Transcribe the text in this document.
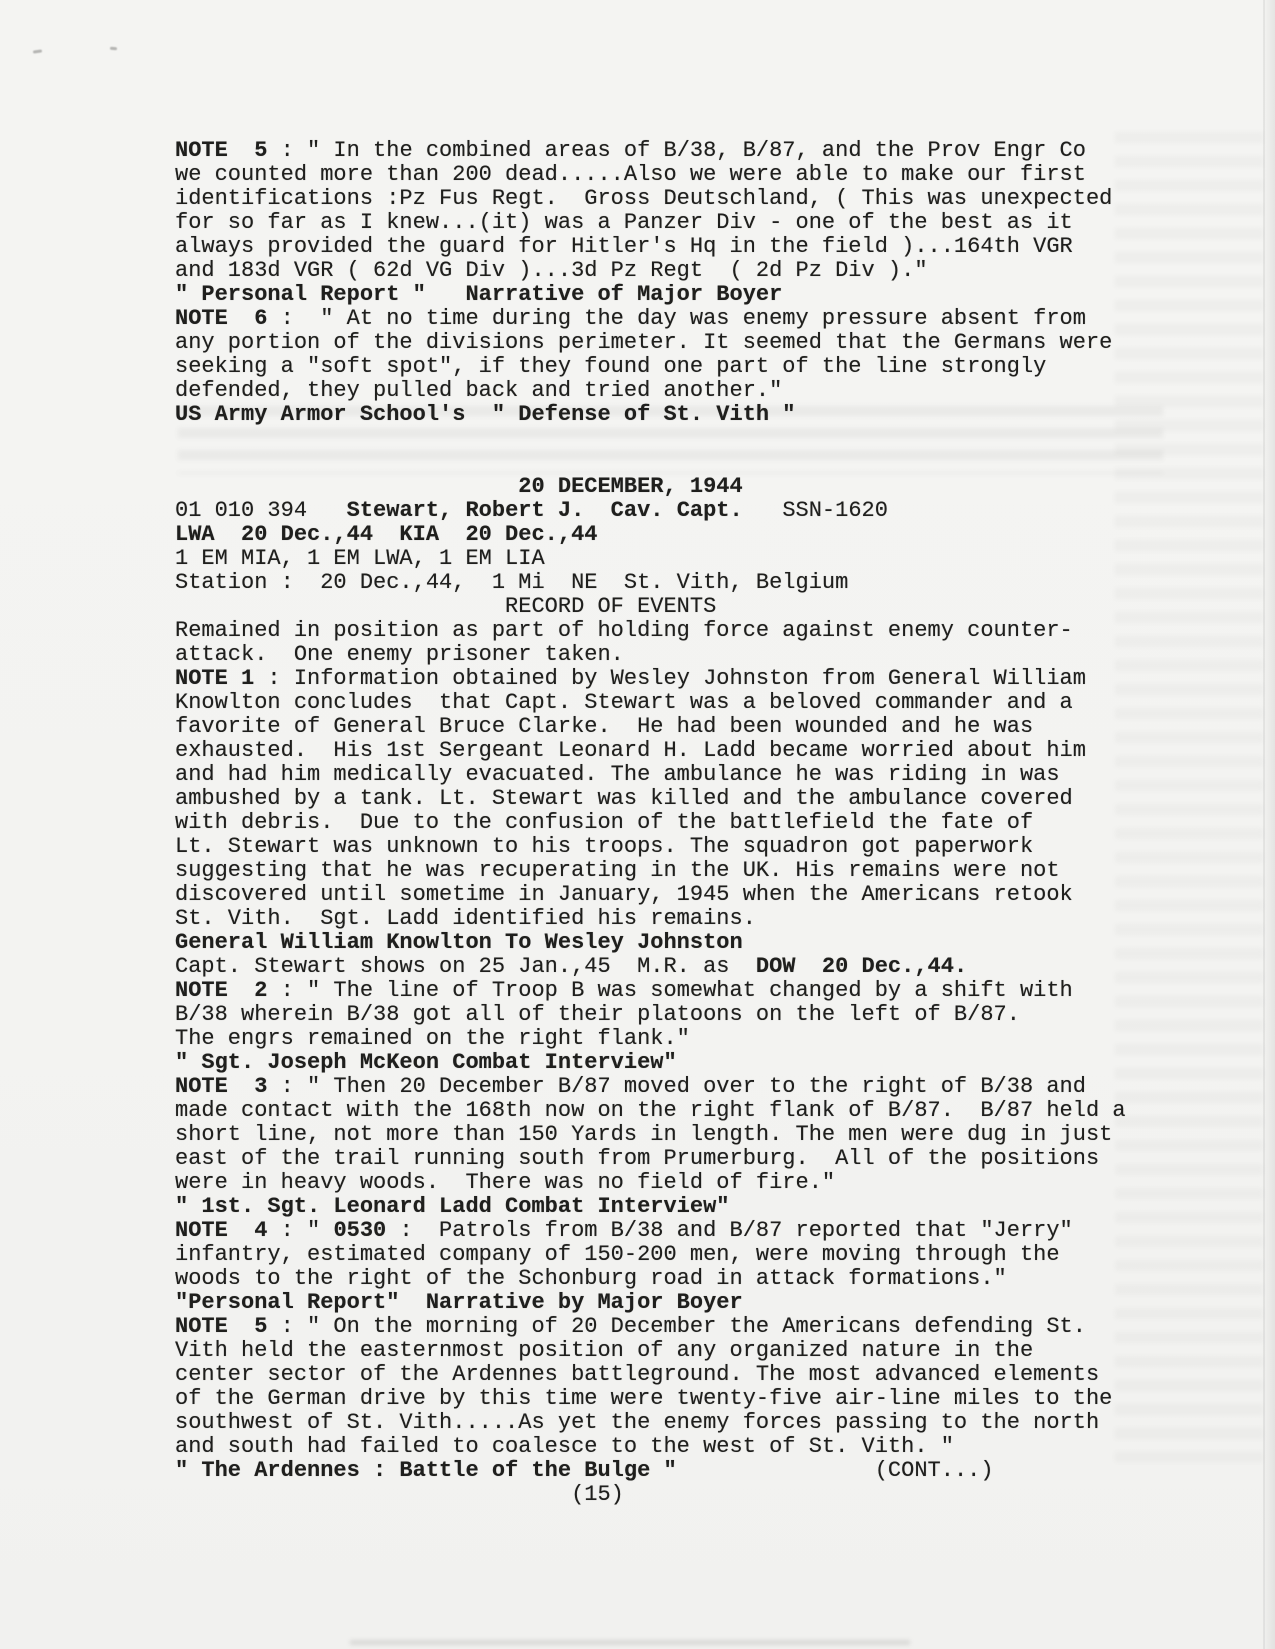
NOTE  5 : " In the combined areas of B/38, B/87, and the Prov Engr Co
we counted more than 200 dead.....Also we were able to make our first
identifications :Pz Fus Regt.  Gross Deutschland, ( This was unexpected
for so far as I knew...(it) was a Panzer Div - one of the best as it
always provided the guard for Hitler's Hq in the field )...164th VGR
and 183d VGR ( 62d VG Div )...3d Pz Regt  ( 2d Pz Div )."
" Personal Report "   Narrative of Major Boyer
NOTE  6 :  " At no time during the day was enemy pressure absent from
any portion of the divisions perimeter. It seemed that the Germans were
seeking a "soft spot", if they found one part of the line strongly
defended, they pulled back and tried another."
US Army Armor School's  " Defense of St. Vith "

20 DECEMBER, 1944
01 010 394   Stewart, Robert J.  Cav. Capt.   SSN-1620
LWA  20 Dec.,44  KIA  20 Dec.,44
1 EM MIA, 1 EM LWA, 1 EM LIA
Station :  20 Dec.,44,  1 Mi  NE  St. Vith, Belgium
RECORD OF EVENTS
Remained in position as part of holding force against enemy counter-
attack.  One enemy prisoner taken.
NOTE 1 : Information obtained by Wesley Johnston from General William
Knowlton concludes  that Capt. Stewart was a beloved commander and a
favorite of General Bruce Clarke.  He had been wounded and he was
exhausted.  His 1st Sergeant Leonard H. Ladd became worried about him
and had him medically evacuated. The ambulance he was riding in was
ambushed by a tank. Lt. Stewart was killed and the ambulance covered
with debris.  Due to the confusion of the battlefield the fate of
Lt. Stewart was unknown to his troops. The squadron got paperwork
suggesting that he was recuperating in the UK. His remains were not
discovered until sometime in January, 1945 when the Americans retook
St. Vith.  Sgt. Ladd identified his remains.
General William Knowlton To Wesley Johnston
Capt. Stewart shows on 25 Jan.,45  M.R. as  DOW  20 Dec.,44.
NOTE  2 : " The line of Troop B was somewhat changed by a shift with
B/38 wherein B/38 got all of their platoons on the left of B/87.
The engrs remained on the right flank."
" Sgt. Joseph McKeon Combat Interview"
NOTE  3 : " Then 20 December B/87 moved over to the right of B/38 and
made contact with the 168th now on the right flank of B/87.  B/87 held a
short line, not more than 150 Yards in length. The men were dug in just
east of the trail running south from Prumerburg.  All of the positions
were in heavy woods.  There was no field of fire."
" 1st. Sgt. Leonard Ladd Combat Interview"
NOTE  4 : " 0530 :  Patrols from B/38 and B/87 reported that "Jerry"
infantry, estimated company of 150-200 men, were moving through the
woods to the right of the Schonburg road in attack formations."
"Personal Report"  Narrative by Major Boyer
NOTE  5 : " On the morning of 20 December the Americans defending St.
Vith held the easternmost position of any organized nature in the
center sector of the Ardennes battleground. The most advanced elements
of the German drive by this time were twenty-five air-line miles to the
southwest of St. Vith.....As yet the enemy forces passing to the north
and south had failed to coalesce to the west of St. Vith. "
" The Ardennes : Battle of the Bulge "	(CONT...)
(15)
